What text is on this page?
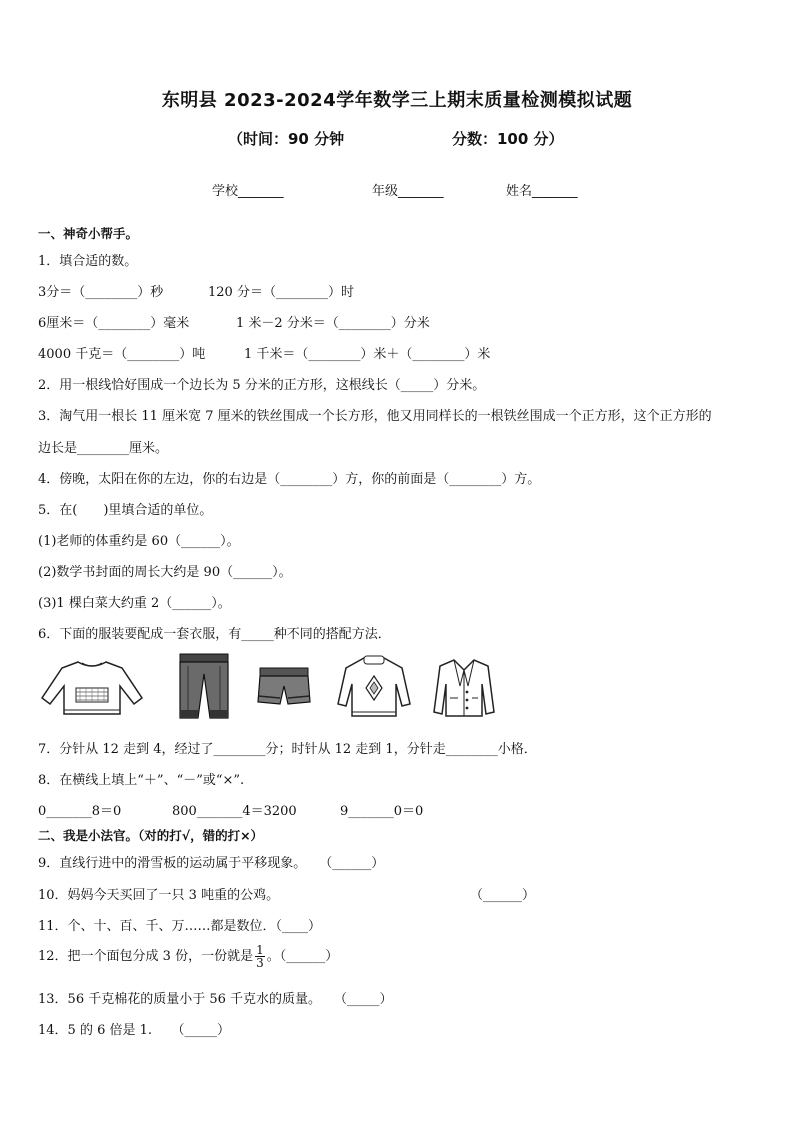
东明县 2023-2024学年数学三上期末质量检测模拟试题
（时间：90 分钟	分数：100 分）
学校_______	年级_______	姓名_______
一、神奇小帮手。
1．填合适的数。
3分＝（________）秒	120 分＝（________）时
6厘米＝（________）毫米	1 米－2 分米＝（________）分米
4000 千克＝（________）吨	1 千米＝（________）米＋（________）米
2．用一根线恰好围成一个边长为 5 分米的正方形，这根线长（_____）分米。
3．淘气用一根长 11 厘米宽 7 厘米的铁丝围成一个长方形，他又用同样长的一根铁丝围成一个正方形，这个正方形的
边长是________厘米。
4．傍晚，太阳在你的左边，你的右边是（________）方，你的前面是（________）方。
5．在(　　)里填合适的单位。
(1)老师的体重约是 60（______）。
(2)数学书封面的周长大约是 90（______）。
(3)1 棵白菜大约重 2（______）。
6．下面的服装要配成一套衣服，有_____种不同的搭配方法．
7．分针从 12 走到 4，经过了________分；时针从 12 走到 1，分针走________小格．
8．在横线上填上“＋”、“－”或“×”.
0_______8＝0	800_______4＝3200	9_______0＝0
二、我是小法官。（对的打√，错的打×）
9．直线行进中的滑雪板的运动属于平移现象。　　（______）
10．妈妈今天买回了一只 3 吨重的公鸡。	（______）
11．个、十、百、千、万……都是数位．（____）
12．把一个面包分成 3 份，一份就是 $\frac{1}{3}$ 。（______）
13．56 千克棉花的质量小于 56 千克水的质量。　　（_____）
14．5 的 6 倍是 1.　　（_____）
